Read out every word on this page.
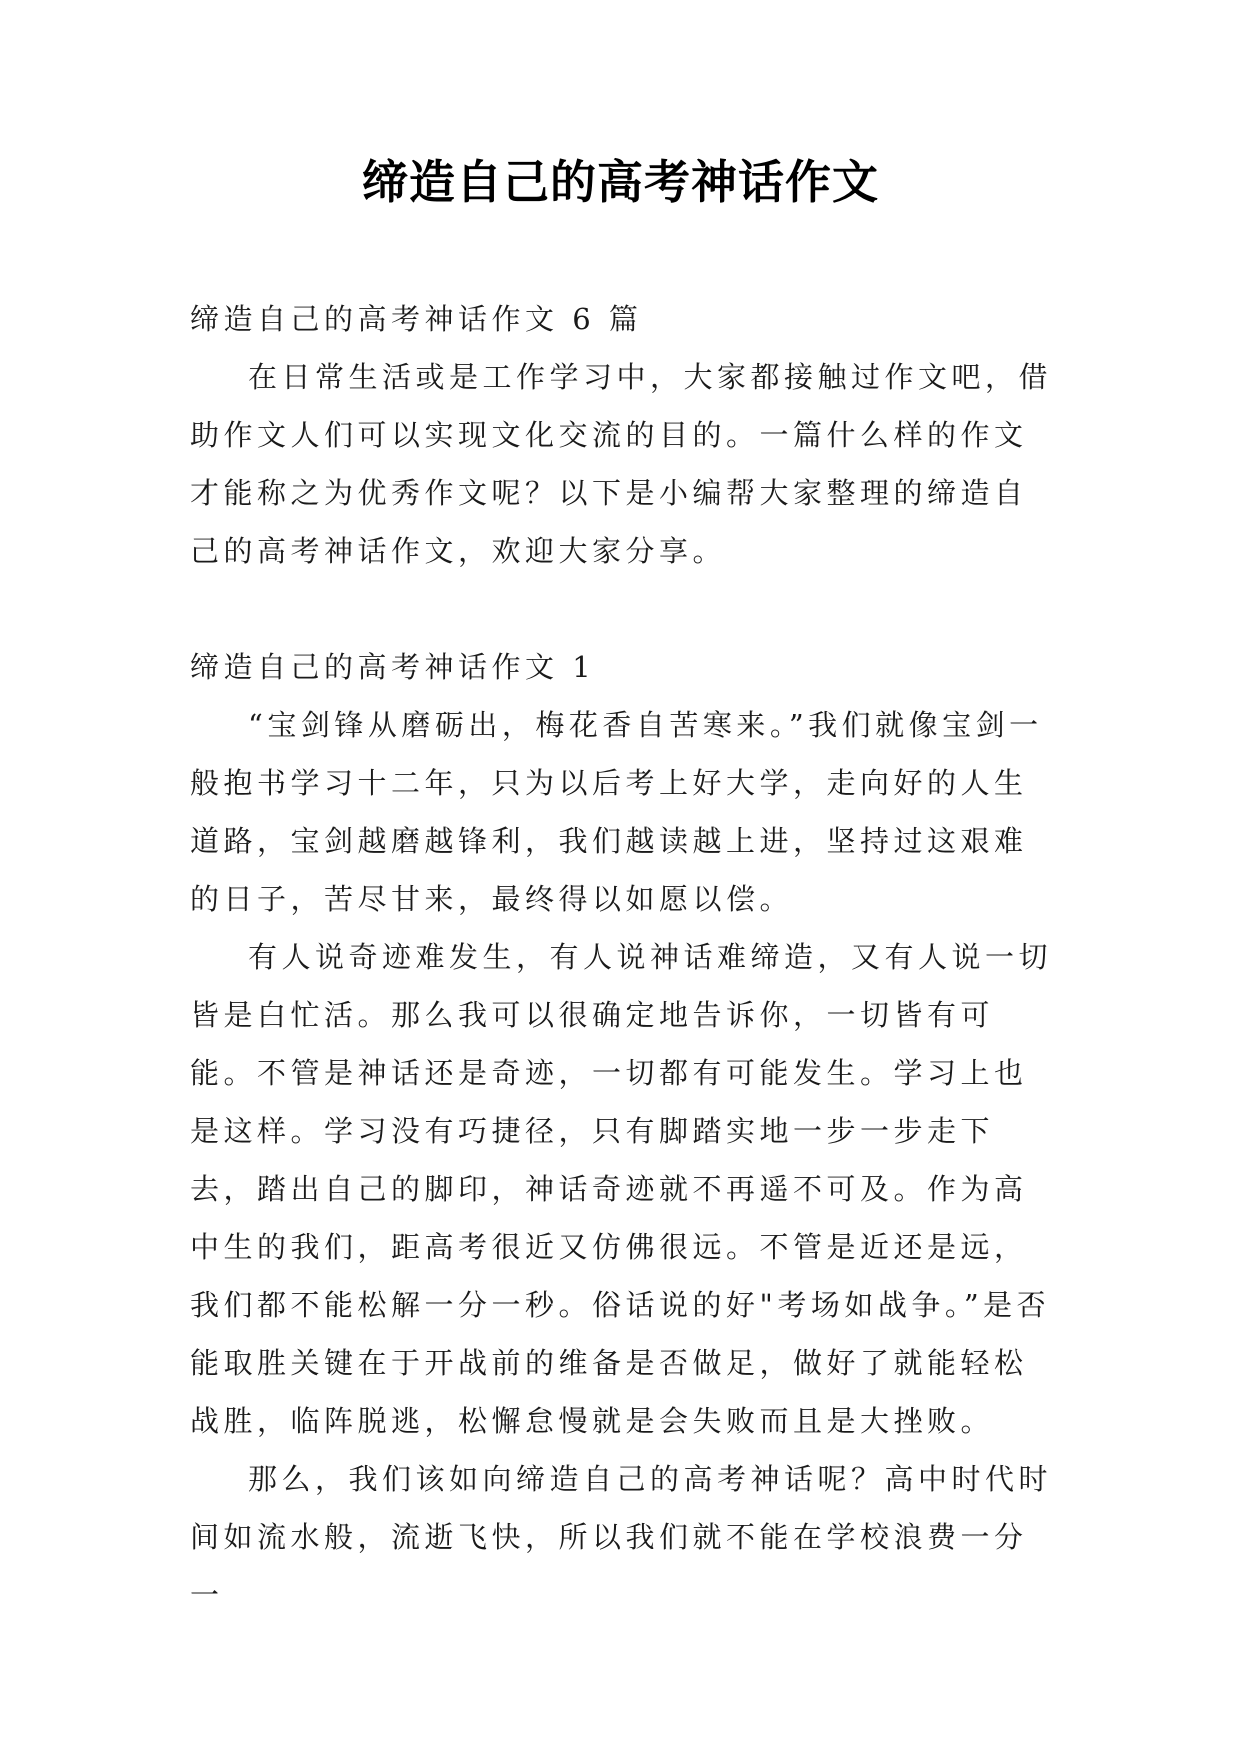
缔造自己的高考神话作文

缔造自己的高考神话作文 6 篇

在日常生活或是工作学习中，大家都接触过作文吧，借助作文人们可以实现文化交流的目的。一篇什么样的作文才能称之为优秀作文呢？以下是小编帮大家整理的缔造自己的高考神话作文，欢迎大家分享。

缔造自己的高考神话作文 1

“宝剑锋从磨砺出，梅花香自苦寒来。”我们就像宝剑一般抱书学习十二年，只为以后考上好大学，走向好的人生道路，宝剑越磨越锋利，我们越读越上进，坚持过这艰难的日子，苦尽甘来，最终得以如愿以偿。

有人说奇迹难发生，有人说神话难缔造，又有人说一切皆是白忙活。那么我可以很确定地告诉你，一切皆有可能。不管是神话还是奇迹，一切都有可能发生。学习上也是这样。学习没有巧捷径，只有脚踏实地一步一步走下去，踏出自己的脚印，神话奇迹就不再遥不可及。作为高中生的我们，距高考很近又仿佛很远。不管是近还是远，我们都不能松解一分一秒。俗话说的好"考场如战争。”是否能取胜关键在于开战前的维备是否做足，做好了就能轻松战胜，临阵脱逃，松懈怠慢就是会失败而且是大挫败。

那么，我们该如向缔造自己的高考神话呢？高中时代时间如流水般，流逝飞快，所以我们就不能在学校浪费一分一
